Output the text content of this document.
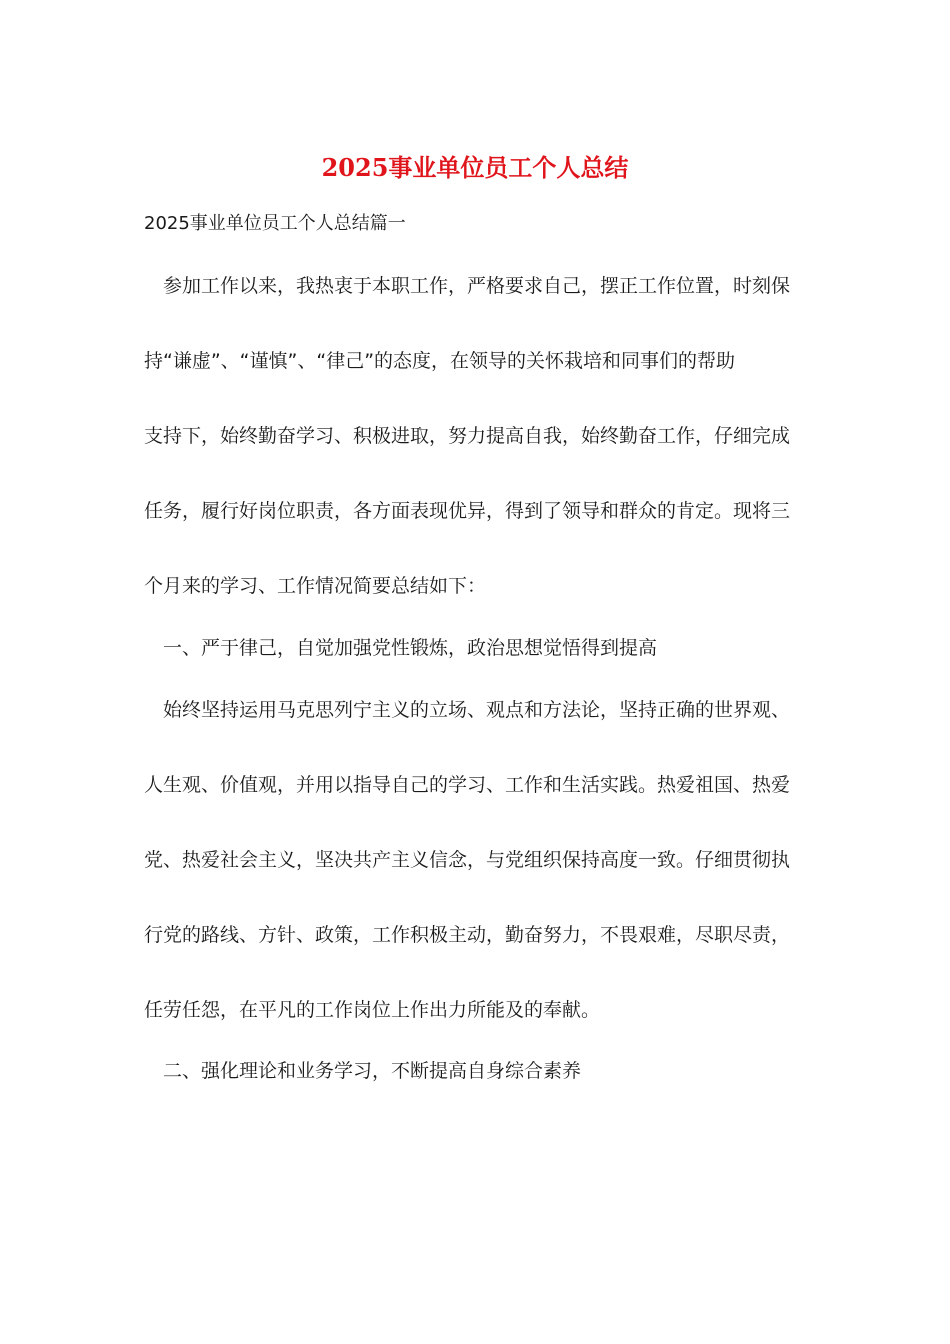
2025事业单位员工个人总结

2025事业单位员工个人总结篇一

参加工作以来，我热衷于本职工作，严格要求自己，摆正工作位置，时刻保
持“谦虚”、“谨慎”、“律己”的态度，在领导的关怀栽培和同事们的帮助
支持下，始终勤奋学习、积极进取，努力提高自我，始终勤奋工作，仔细完成
任务，履行好岗位职责，各方面表现优异，得到了领导和群众的肯定。现将三
个月来的学习、工作情况简要总结如下：

一、严于律己，自觉加强党性锻炼，政治思想觉悟得到提高

始终坚持运用马克思列宁主义的立场、观点和方法论，坚持正确的世界观、
人生观、价值观，并用以指导自己的学习、工作和生活实践。热爱祖国、热爱
党、热爱社会主义，坚决共产主义信念，与党组织保持高度一致。仔细贯彻执
行党的路线、方针、政策，工作积极主动，勤奋努力，不畏艰难，尽职尽责，
任劳任怨，在平凡的工作岗位上作出力所能及的奉献。

二、强化理论和业务学习，不断提高自身综合素养
